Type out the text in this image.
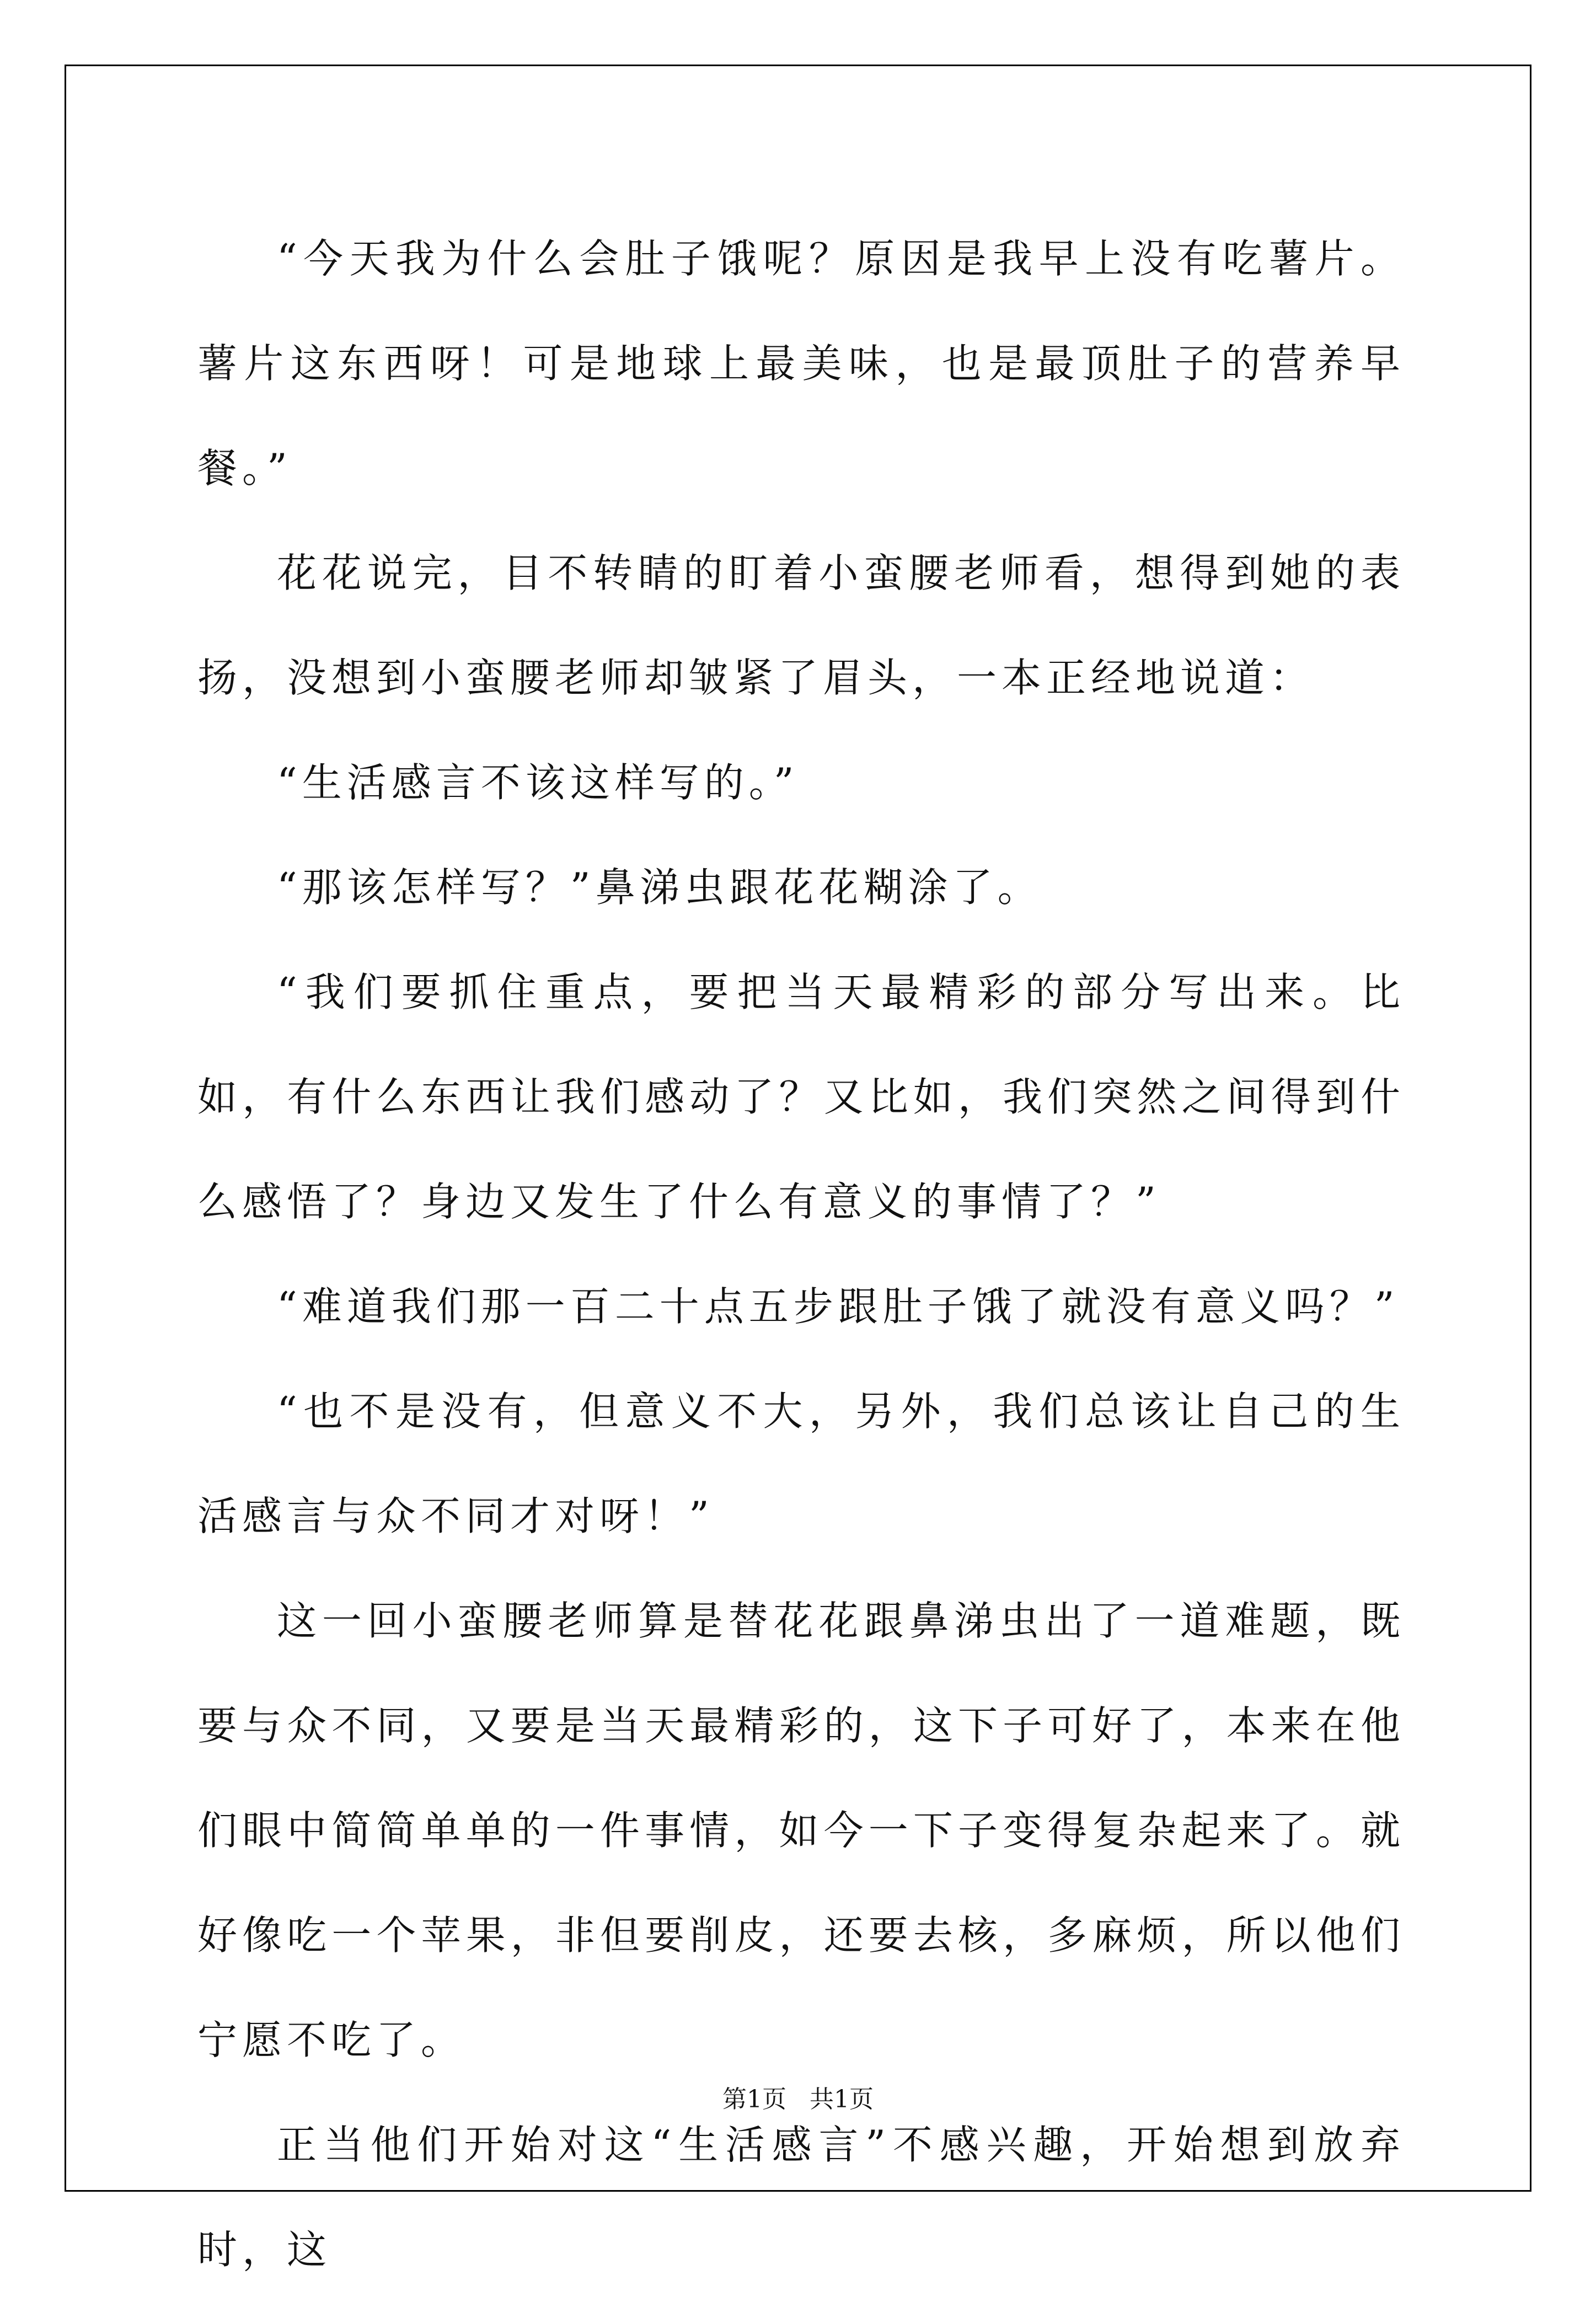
“今天我为什么会肚子饿呢？原因是我早上没有吃薯片。薯片这东西呀！可是地球上最美味，也是最顶肚子的营养早餐。”

花花说完，目不转睛的盯着小蛮腰老师看，想得到她的表扬，没想到小蛮腰老师却皱紧了眉头，一本正经地说道：

“生活感言不该这样写的。”

“那该怎样写？”鼻涕虫跟花花糊涂了。

“我们要抓住重点，要把当天最精彩的部分写出来。比如，有什么东西让我们感动了？又比如，我们突然之间得到什么感悟了？身边又发生了什么有意义的事情了？”

“难道我们那一百二十点五步跟肚子饿了就没有意义吗？”

“也不是没有，但意义不大，另外，我们总该让自己的生活感言与众不同才对呀！”

这一回小蛮腰老师算是替花花跟鼻涕虫出了一道难题，既要与众不同，又要是当天最精彩的，这下子可好了，本来在他们眼中简简单单的一件事情，如今一下子变得复杂起来了。就好像吃一个苹果，非但要削皮，还要去核，多麻烦，所以他们宁愿不吃了。

正当他们开始对这“生活感言”不感兴趣，开始想到放弃时，这

第1页 共1页
